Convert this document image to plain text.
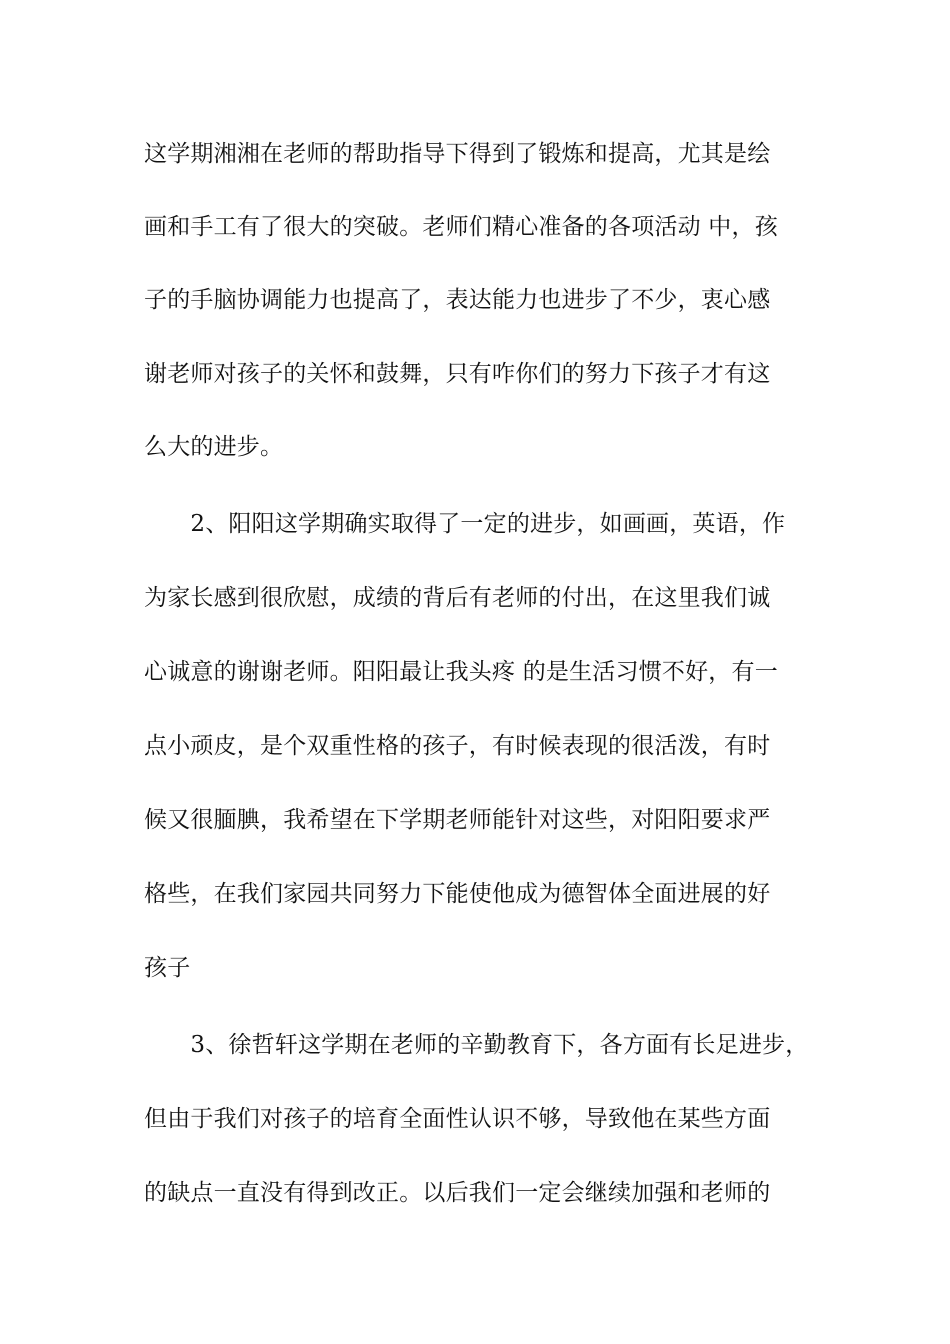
这学期湘湘在老师的帮助指导下得到了锻炼和提高，尤其是绘
画和手工有了很大的突破。老师们精心准备的各项活动 中，孩
子的手脑协调能力也提高了，表达能力也进步了不少，衷心感
谢老师对孩子的关怀和鼓舞，只有咋你们的努力下孩子才有这
么大的进步。
　　2、阳阳这学期确实取得了一定的进步，如画画，英语，作
为家长感到很欣慰，成绩的背后有老师的付出，在这里我们诚
心诚意的谢谢老师。阳阳最让我头疼 的是生活习惯不好，有一
点小顽皮，是个双重性格的孩子，有时候表现的很活泼，有时
候又很腼腆，我希望在下学期老师能针对这些，对阳阳要求严
格些，在我们家园共同努力下能使他成为德智体全面进展的好
孩子
　　3、徐哲轩这学期在老师的辛勤教育下，各方面有长足进步，
但由于我们对孩子的培育全面性认识不够，导致他在某些方面
的缺点一直没有得到改正。以后我们一定会继续加强和老师的
